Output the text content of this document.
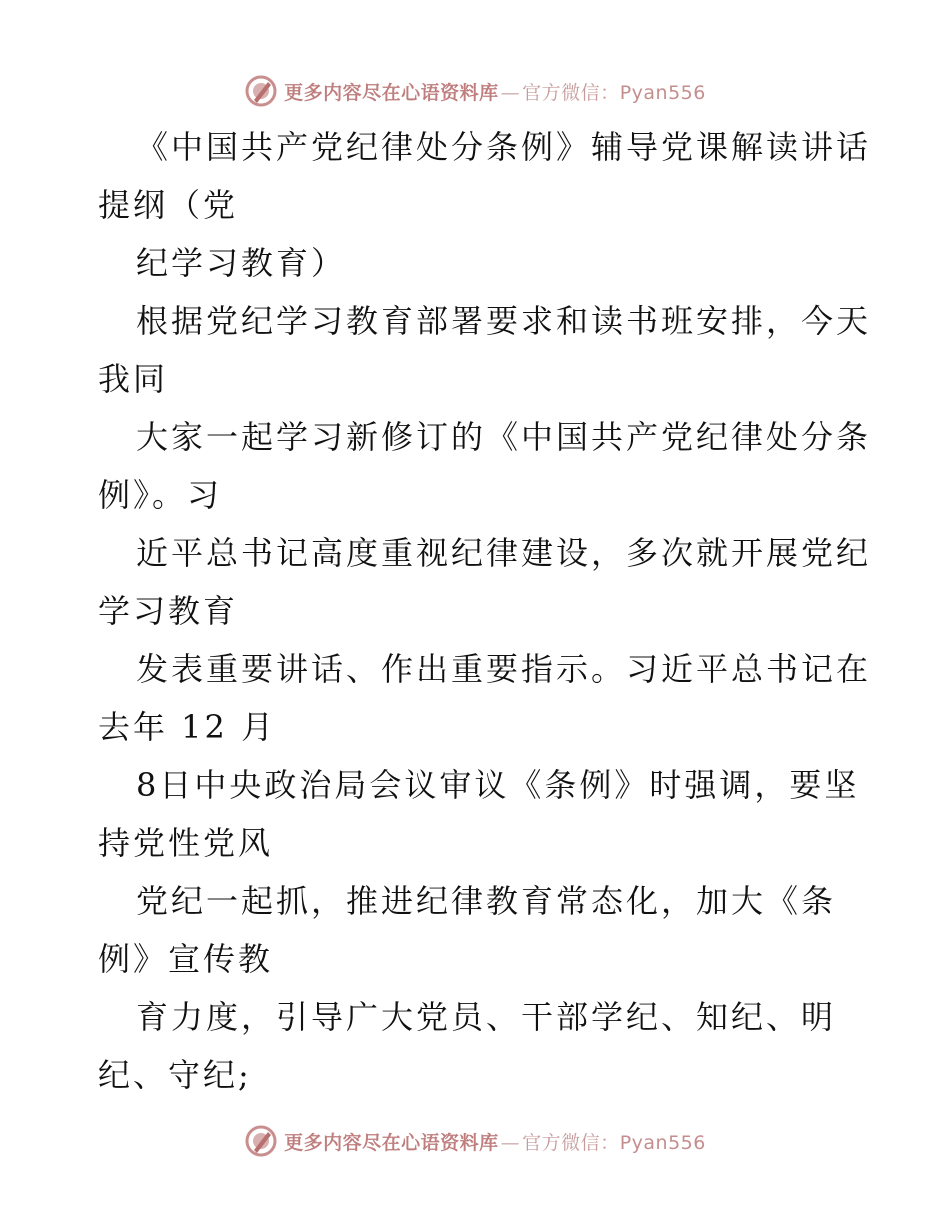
更多内容尽在心语资料库 — 官方微信：Pyan556
《中国共产党纪律处分条例》辅导党课解读讲话
提纲（党
纪学习教育）
根据党纪学习教育部署要求和读书班安排，今天
我同
大家一起学习新修订的《中国共产党纪律处分条
例》。习
近平总书记高度重视纪律建设，多次就开展党纪
学习教育
发表重要讲话、作出重要指示。习近平总书记在
去年 12 月
8日中央政治局会议审议《条例》时强调，要坚
持党性党风
党纪一起抓，推进纪律教育常态化，加大《条
例》宣传教
育力度，引导广大党员、干部学纪、知纪、明
纪、守纪;
更多内容尽在心语资料库 — 官方微信：Pyan556
